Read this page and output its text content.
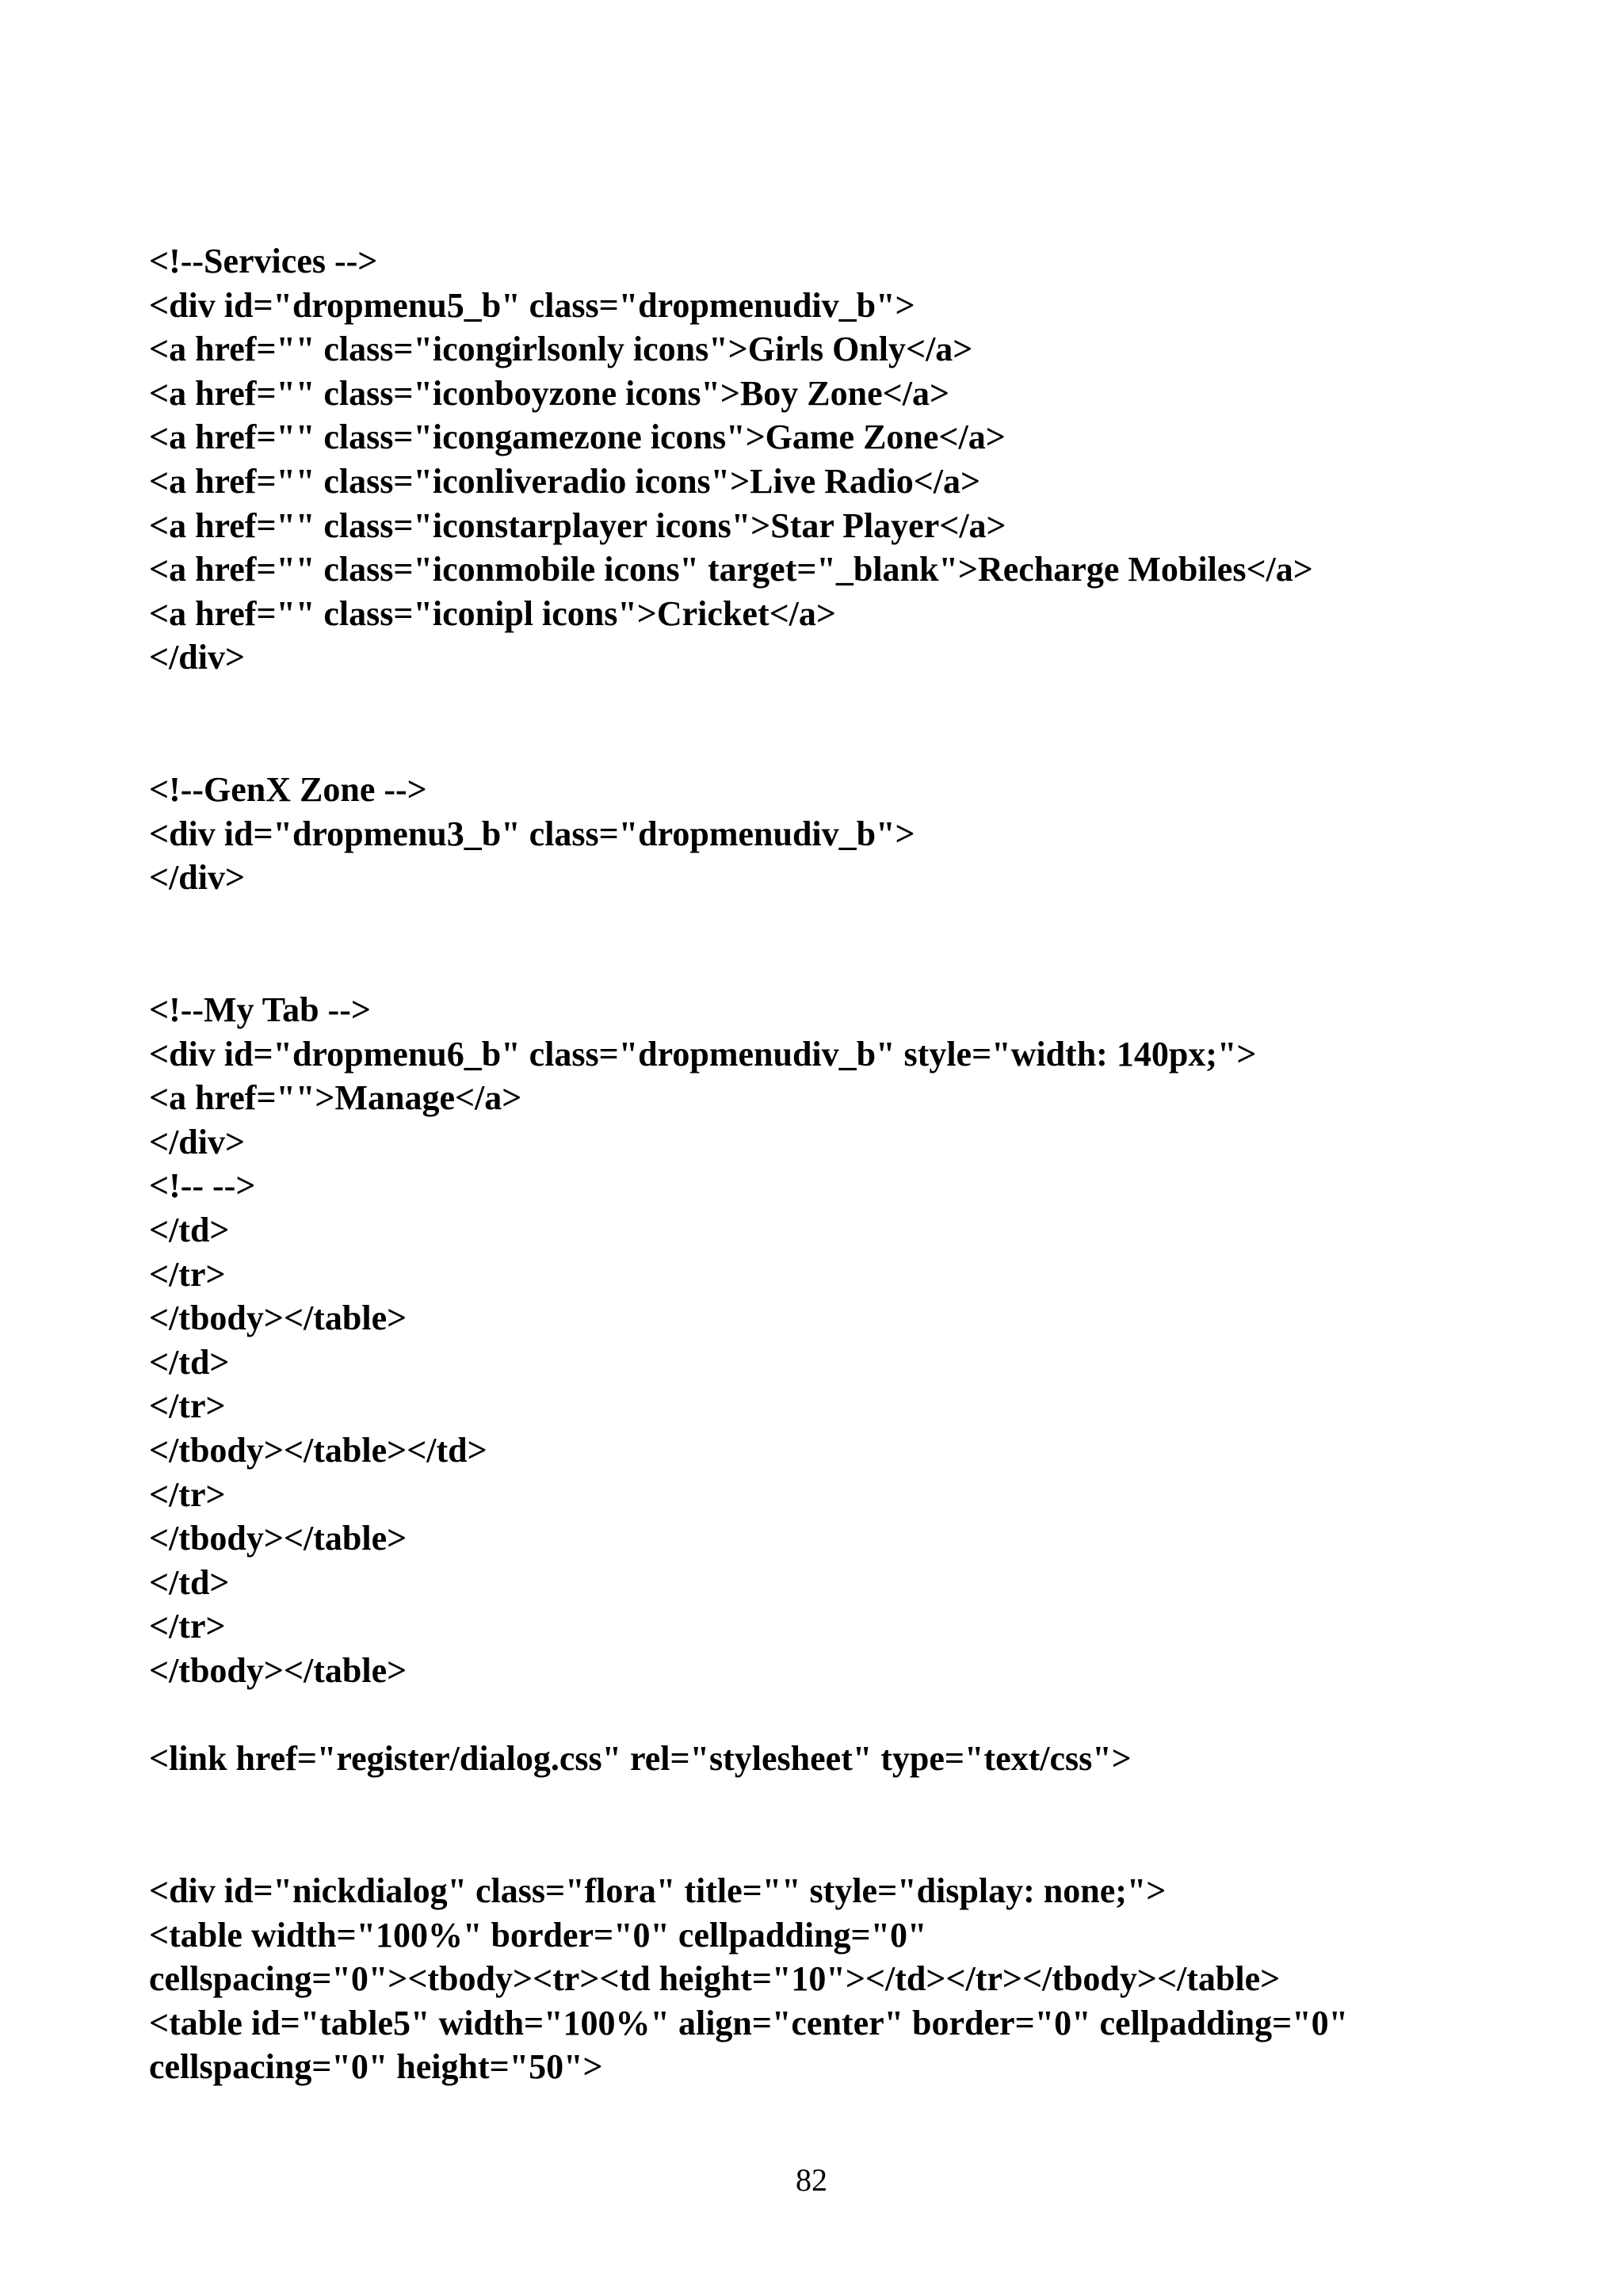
<!--Services -->
<div id="dropmenu5_b" class="dropmenudiv_b">
<a href="" class="icongirlsonly icons">Girls Only</a>
<a href="" class="iconboyzone icons">Boy Zone</a>
<a href="" class="icongamezone icons">Game Zone</a>
<a href="" class="iconliveradio icons">Live Radio</a>
<a href="" class="iconstarplayer icons">Star Player</a>
<a href="" class="iconmobile icons" target="_blank">Recharge Mobiles</a>
<a href="" class="iconipl icons">Cricket</a>
</div>
<!--GenX Zone -->
<div id="dropmenu3_b" class="dropmenudiv_b">
</div>
<!--My Tab -->
<div id="dropmenu6_b" class="dropmenudiv_b" style="width: 140px;">
<a href="">Manage</a>
</div>
<!-- -->
</td>
</tr>
</tbody></table>
</td>
</tr>
</tbody></table></td>
</tr>
</tbody></table>
</td>
</tr>
</tbody></table>
<link href="register/dialog.css" rel="stylesheet" type="text/css">
<div id="nickdialog" class="flora" title="" style="display: none;">
<table width="100%" border="0" cellpadding="0"
cellspacing="0"><tbody><tr><td height="10"></td></tr></tbody></table>
<table id="table5" width="100%" align="center" border="0" cellpadding="0"
cellspacing="0" height="50">
82
